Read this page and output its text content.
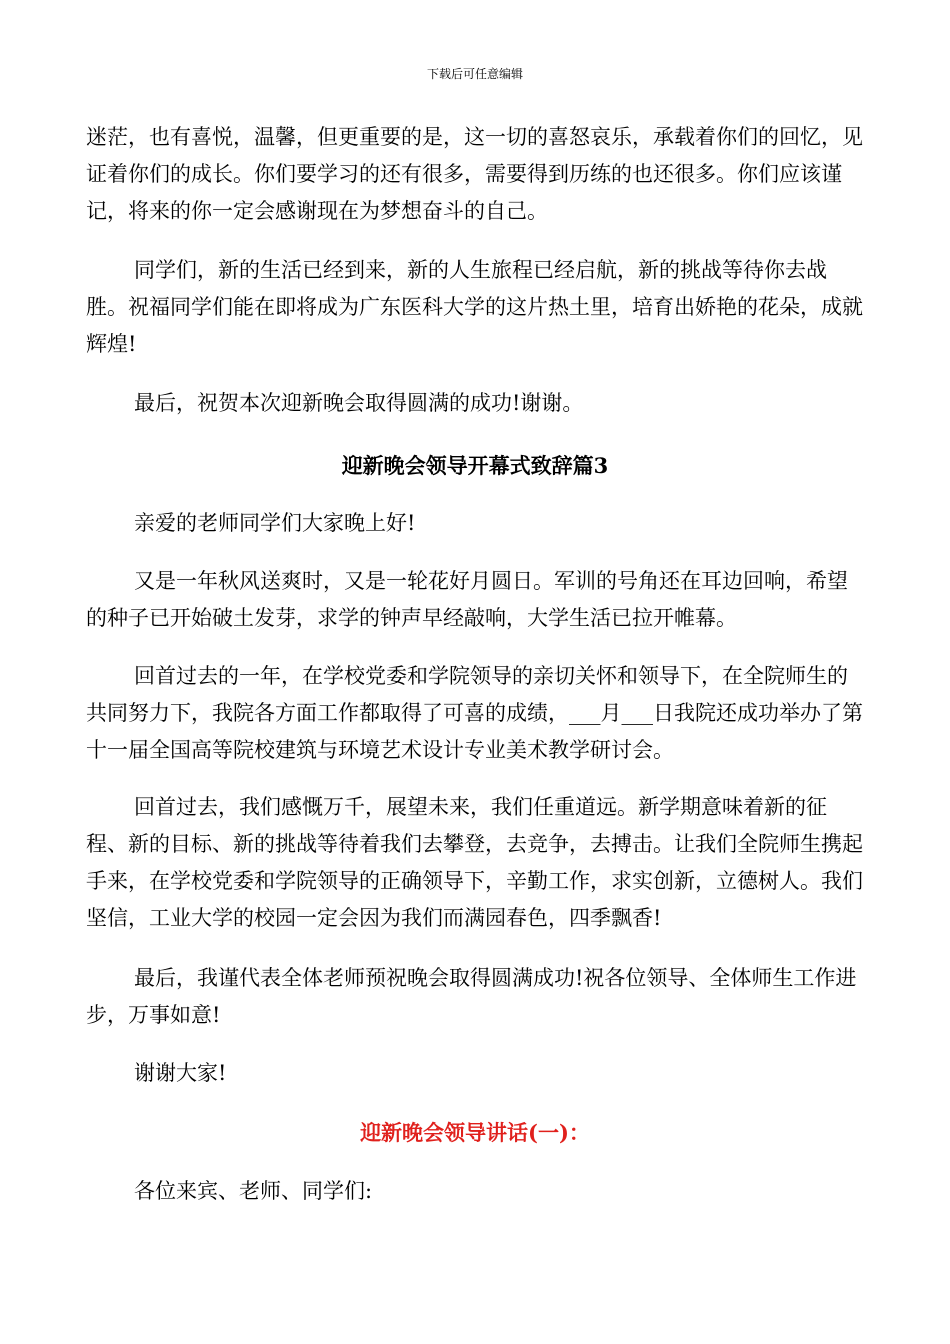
下载后可任意编辑

迷茫，也有喜悦，温馨，但更重要的是，这一切的喜怒哀乐，承载着你们的回忆，见证着你们的成长。你们要学习的还有很多，需要得到历练的也还很多。你们应该谨记，将来的你一定会感谢现在为梦想奋斗的自己。

同学们，新的生活已经到来，新的人生旅程已经启航，新的挑战等待你去战胜。祝福同学们能在即将成为广东医科大学的这片热土里，培育出娇艳的花朵，成就辉煌!

最后，祝贺本次迎新晚会取得圆满的成功!谢谢。

迎新晚会领导开幕式致辞篇3

亲爱的老师同学们大家晚上好!

又是一年秋风送爽时，又是一轮花好月圆日。军训的号角还在耳边回响，希望的种子已开始破土发芽，求学的钟声早经敲响，大学生活已拉开帷幕。

回首过去的一年，在学校党委和学院领导的亲切关怀和领导下，在全院师生的共同努力下，我院各方面工作都取得了可喜的成绩，___月___日我院还成功举办了第十一届全国高等院校建筑与环境艺术设计专业美术教学研讨会。

回首过去，我们感慨万千，展望未来，我们任重道远。新学期意味着新的征程、新的目标、新的挑战等待着我们去攀登，去竞争，去搏击。让我们全院师生携起手来，在学校党委和学院领导的正确领导下，辛勤工作，求实创新，立德树人。我们坚信，工业大学的校园一定会因为我们而满园春色，四季飘香!

最后，我谨代表全体老师预祝晚会取得圆满成功!祝各位领导、全体师生工作进步，万事如意!

谢谢大家!

迎新晚会领导讲话(一)：

各位来宾、老师、同学们:
